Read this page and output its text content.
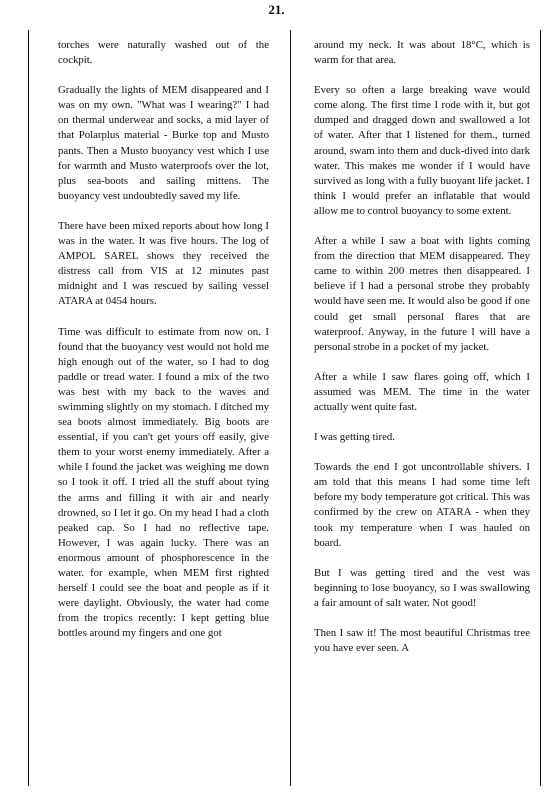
21.

torches were naturally washed out of the cockpit.

Gradually the lights of MEM disappeared and I was on my own. "What was I wearing?" I had on thermal underwear and socks, a mid layer of that Polarplus material - Burke top and Musto pants. Then a Musto buoyancy vest which I use for warmth and Musto waterproofs over the lot, plus sea-boots and sailing mittens. The buoyancy vest undoubtedly saved my life.

There have been mixed reports about how long I was in the water. It was five hours. The log of AMPOL SAREL shows they received the distress call from VIS at 12 minutes past midnight and I was rescued by sailing vessel ATARA at 0454 hours.

Time was difficult to estimate from now on. I found that the buoyancy vest would not hold me high enough out of the water, so I had to dog paddle or tread water. I found a mix of the two was best with my back to the waves and swimming slightly on my stomach. I ditched my sea boots almost immediately. Big boots are essential, if you can't get yours off easily, give them to your worst enemy immediately. After a while I found the jacket was weighing me down so I took it off. I tried all the stuff about tying the arms and filling it with air and nearly drowned, so I let it go. On my head I had a cloth peaked cap. So I had no reflective tape. However, I was again lucky. There was an enormous amount of phosphorescence in the water. for example, when MEM first righted herself I could see the boat and people as if it were daylight. Obviously, the water had come from the tropics recently: I kept getting blue bottles around my fingers and one got

around my neck. It was about 18°C, which is warm for that area.

Every so often a large breaking wave would come along. The first time I rode with it, but got dumped and dragged down and swallowed a lot of water. After that I listened for them., turned around, swam into them and duck-dived into dark water. This makes me wonder if I would have survived as long with a fully buoyant life jacket. I think I would prefer an inflatable that would allow me to control buoyancy to some extent.

After a while I saw a boat with lights coming from the direction that MEM disappeared. They came to within 200 metres then disappeared. I believe if I had a personal strobe they probably would have seen me. It would also be good if one could get small personal flares that are waterproof. Anyway, in the future I will have a personal strobe in a pocket of my jacket.

After a while I saw flares going off, which I assumed was MEM. The time in the water actually went quite fast.

I was getting tired.

Towards the end I got uncontrollable shivers. I am told that this means I had some time left before my body temperature got critical. This was confirmed by the crew on ATARA - when they took my temperature when I was hauled on board.

But I was getting tired and the vest was beginning to lose buoyancy, so I was swallowing a fair amount of salt water. Not good!

Then I saw it! The most beautiful Christmas tree you have ever seen. A
